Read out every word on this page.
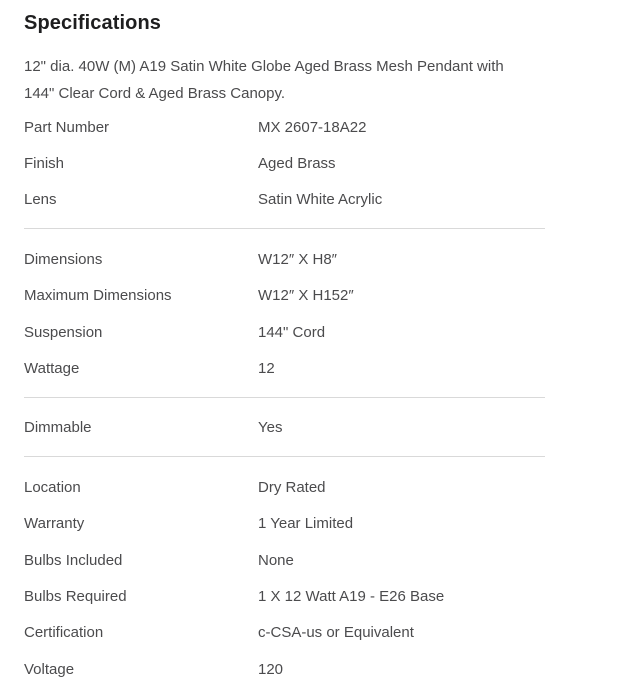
Specifications

12" dia. 40W (M) A19 Satin White Globe Aged Brass Mesh Pendant with
144" Clear Cord & Aged Brass Canopy.

Part Number	MX 2607-18A22
Finish	Aged Brass
Lens	Satin White Acrylic
Dimensions	W12″ X H8″
Maximum Dimensions	W12″ X H152″
Suspension	144" Cord
Wattage	12
Dimmable	Yes
Location	Dry Rated
Warranty	1 Year Limited
Bulbs Included	None
Bulbs Required	1 X 12 Watt A19 - E26 Base
Certification	c-CSA-us or Equivalent
Voltage	120
